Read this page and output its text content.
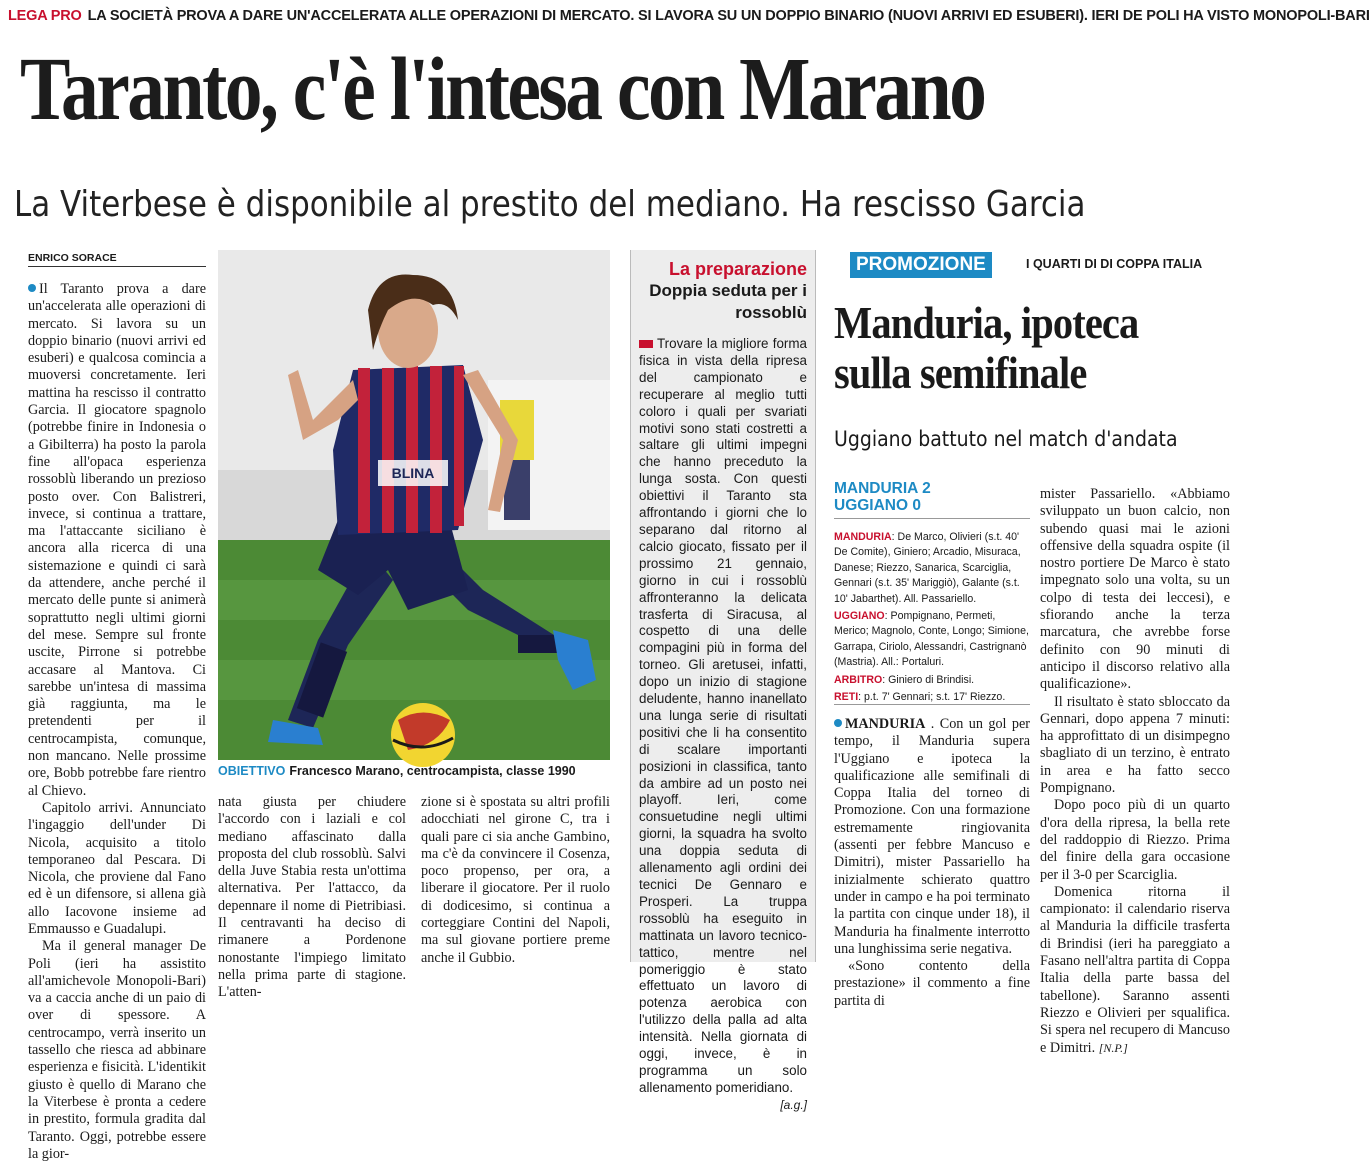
LEGA PRO LA SOCIETÀ PROVA A DARE UN'ACCELERATA ALLE OPERAZIONI DI MERCATO. SI LAVORA SU UN DOPPIO BINARIO (NUOVI ARRIVI ED ESUBERI). IERI DE POLI HA VISTO MONOPOLI-BARI
Taranto, c'è l'intesa con Marano
La Viterbese è disponibile al prestito del mediano. Ha rescisso Garcia
ENRICO SORACE

Il Taranto prova a dare un'accelerata alle operazioni di mercato. Si lavora su un doppio binario (nuovi arrivi ed esuberi) e qualcosa comincia a muoversi concretamente. Ieri mattina ha rescisso il contratto Garcia. Il giocatore spagnolo (potrebbe finire in Indonesia o a Gibilterra) ha posto la parola fine all'opaca esperienza rossoblù liberando un prezioso posto over. Con Balistreri, invece, si continua a trattare, ma l'attaccante siciliano è ancora alla ricerca di una sistemazione e quindi ci sarà da attendere, anche perché il mercato delle punte si animerà soprattutto negli ultimi giorni del mese. Sempre sul fronte uscite, Pirrone si potrebbe accasare al Mantova. Ci sarebbe un'intesa di massima già raggiunta, ma le pretendenti per il centrocampista, comunque, non mancano. Nelle prossime ore, Bobb potrebbe fare rientro al Chievo.

Capitolo arrivi. Annunciato l'ingaggio dell'under Di Nicola, acquisito a titolo temporaneo dal Pescara. Di Nicola, che proviene dal Fano ed è un difensore, si allena già allo Iacovone insieme ad Emmausso e Guadalupi.

Ma il general manager De Poli (ieri ha assistito all'amichevole Monopoli-Bari) va a caccia anche di un paio di over di spessore. A centrocampo, verrà inserito un tassello che riesca ad abbinare esperienza e fisicità. L'identikit giusto è quello di Marano che la Viterbese è pronta a cedere in prestito, formula gradita dal Taranto. Oggi, potrebbe essere la gior-

BLINA
OBIETTIVO Francesco Marano, centrocampista, classe 1990

nata giusta per chiudere l'accordo con i laziali e col mediano affascinato dalla proposta del club rossoblù. Salvi della Juve Stabia resta un'ottima alternativa. Per l'attacco, da depennare il nome di Pietribiasi. Il centravanti ha deciso di rimanere a Pordenone nonostante l'impiego limitato nella prima parte di stagione. L'atten-

zione si è spostata su altri profili adocchiati nel girone C, tra i quali pare ci sia anche Gambino, ma c'è da convincere il Cosenza, poco propenso, per ora, a liberare il giocatore. Per il ruolo di dodicesimo, si continua a corteggiare Contini del Napoli, ma sul giovane portiere preme anche il Gubbio.

La preparazione
Doppia seduta per i rossoblù

Trovare la migliore forma fisica in vista della ripresa del campionato e recuperare al meglio tutti coloro i quali per svariati motivi sono stati costretti a saltare gli ultimi impegni che hanno preceduto la lunga sosta. Con questi obiettivi il Taranto sta affrontando i giorni che lo separano dal ritorno al calcio giocato, fissato per il prossimo 21 gennaio, giorno in cui i rossoblù affronteranno la delicata trasferta di Siracusa, al cospetto di una delle compagini più in forma del torneo. Gli aretusei, infatti, dopo un inizio di stagione deludente, hanno inanellato una lunga serie di risultati positivi che li ha consentito di scalare importanti posizioni in classifica, tanto da ambire ad un posto nei playoff. Ieri, come consuetudine negli ultimi giorni, la squadra ha svolto una doppia seduta di allenamento agli ordini dei tecnici De Gennaro e Prosperi. La truppa rossoblù ha eseguito in mattinata un lavoro tecnico-tattico, mentre nel pomeriggio è stato effettuato un lavoro di potenza aerobica con l'utilizzo della palla ad alta intensità. Nella giornata di oggi, invece, è in programma un solo allenamento pomeridiano.

[a.g.]
PROMOZIONE	I QUARTI DI DI COPPA ITALIA
Manduria, ipoteca sulla semifinale
Uggiano battuto nel match d'andata
MANDURIA 2
UGGIANO 0

MANDURIA: De Marco, Olivieri (s.t. 40' De Comite), Giniero; Arcadio, Misuraca, Danese; Riezzo, Sanarica, Scarciglia, Gennari (s.t. 35' Mariggiò), Galante (s.t. 10' Jabarthet). All. Passariello.

UGGIANO: Pompignano, Permeti, Merico; Magnolo, Conte, Longo; Simione, Garrapa, Ciriolo, Alessandri, Castrignanò (Mastria). All.: Portaluri.

ARBITRO: Giniero di Brindisi.

RETI: p.t. 7' Gennari; s.t. 17' Riezzo.

MANDURIA . Con un gol per tempo, il Manduria supera l'Uggiano e ipoteca la qualificazione alle semifinali di Coppa Italia del torneo di Promozione. Con una formazione estremamente ringiovanita (assenti per febbre Mancuso e Dimitri), mister Passariello ha inizialmente schierato quattro under in campo e ha poi terminato la partita con cinque under 18), il Manduria ha finalmente interrotto una lunghissima serie negativa.

«Sono contento della prestazione» il commento a fine partita di

mister Passariello. «Abbiamo sviluppato un buon calcio, non subendo quasi mai le azioni offensive della squadra ospite (il nostro portiere De Marco è stato impegnato solo una volta, su un colpo di testa dei leccesi), e sfiorando anche la terza marcatura, che avrebbe forse definito con 90 minuti di anticipo il discorso relativo alla qualificazione».

Il risultato è stato sbloccato da Gennari, dopo appena 7 minuti: ha approfittato di un disimpegno sbagliato di un terzino, è entrato in area e ha fatto secco Pompignano.

Dopo poco più di un quarto d'ora della ripresa, la bella rete del raddoppio di Riezzo. Prima del finire della gara occasione per il 3-0 per Scarciglia.

Domenica ritorna il campionato: il calendario riserva al Manduria la difficile trasferta di Brindisi (ieri ha pareggiato a Fasano nell'altra partita di Coppa Italia della parte bassa del tabellone). Saranno assenti Riezzo e Olivieri per squalifica. Si spera nel recupero di Mancuso e Dimitri. [N.P.]
